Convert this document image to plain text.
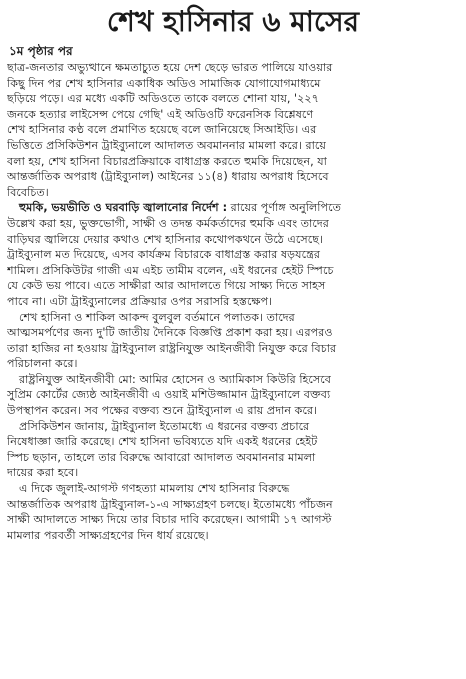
শেখ হাসিনার ৬ মাসের
১ম পৃষ্ঠার পর
ছাত্র-জনতার অভ্যুত্থানে ক্ষমতাচ্যুত হয়ে দেশ ছেড়ে ভারত পালিয়ে যাওয়ার
কিছু দিন পর শেখ হাসিনার একাধিক অডিও সামাজিক যোগাযোগমাধ্যমে
ছড়িয়ে পড়ে। এর মধ্যে একটি অডিওতে তাকে বলতে শোনা যায়, '২২৭
জনকে হত্যার লাইসেন্স পেয়ে গেছি' এই অডিওটি ফরেনসিক বিশ্লেষণে
শেখ হাসিনার কণ্ঠ বলে প্রমাণিত হয়েছে বলে জানিয়েছে সিআইডি। এর
ভিত্তিতে প্রসিকিউশন ট্রাইব্যুনালে আদালত অবমাননার মামলা করে। রায়ে
বলা হয়, শেখ হাসিনা বিচারপ্রক্রিয়াকে বাধাগ্রস্ত করতে হুমকি দিয়েছেন, যা
আন্তর্জাতিক অপরাধ (ট্রাইব্যুনাল) আইনের ১১(৪) ধারায় অপরাধ হিসেবে
বিবেচিত।
হুমকি, ভয়ভীতি ও ঘরবাড়ি জ্বালানোর নির্দেশ : রায়ের পূর্ণাঙ্গ অনুলিপিতে
উল্লেখ করা হয়, ভুক্তভোগী, সাক্ষী ও তদন্ত কর্মকর্তাদের হুমকি এবং তাদের
বাড়িঘর জ্বালিয়ে দেয়ার কথাও শেখ হাসিনার কথোপকথনে উঠে এসেছে।
ট্রাইব্যুনাল মত দিয়েছে, এসব কার্যক্রম বিচারকে বাধাগ্রস্ত করার ষড়যন্ত্রের
শামিল। প্রসিকিউটর গাজী এম এইচ তামীম বলেন, এই ধরনের হেইট স্পিচে
যে কেউ ভয় পাবে। এতে সাক্ষীরা আর আদালতে গিয়ে সাক্ষ্য দিতে সাহস
পাবে না। এটা ট্রাইব্যুনালের প্রক্রিয়ার ওপর সরাসরি হস্তক্ষেপ।
শেখ হাসিনা ও শাকিল আকন্দ বুলবুল বর্তমানে পলাতক। তাদের
আত্মসমর্পণের জন্য দু'টি জাতীয় দৈনিকে বিজ্ঞপ্তি প্রকাশ করা হয়। এরপরও
তারা হাজির না হওয়ায় ট্রাইব্যুনাল রাষ্ট্রনিযুক্ত আইনজীবী নিযুক্ত করে বিচার
পরিচালনা করে।
রাষ্ট্রনিযুক্ত আইনজীবী মো: আমির হোসেন ও অ্যামিকাস কিউরি হিসেবে
সুপ্রিম কোর্টের জ্যেষ্ঠ আইনজীবী এ ওয়াই মশিউজ্জামান ট্রাইব্যুনালে বক্তব্য
উপস্থাপন করেন। সব পক্ষের বক্তব্য শুনে ট্রাইব্যুনাল এ রায় প্রদান করে।
প্রসিকিউশন জানায়, ট্রাইব্যুনাল ইতোমধ্যে এ ধরনের বক্তব্য প্রচারে
নিষেধাজ্ঞা জারি করেছে। শেখ হাসিনা ভবিষ্যতে যদি একই ধরনের হেইট
স্পিচ ছড়ান, তাহলে তার বিরুদ্ধে আবারো আদালত অবমাননার মামলা
দায়ের করা হবে।
এ দিকে জুলাই-আগস্ট গণহত্যা মামলায় শেখ হাসিনার বিরুদ্ধে
আন্তর্জাতিক অপরাধ ট্রাইব্যুনাল-১-এ সাক্ষ্যগ্রহণ চলছে। ইতোমধ্যে পাঁচজন
সাক্ষী আদালতে সাক্ষ্য দিয়ে তার বিচার দাবি করেছেন। আগামী ১৭ আগস্ট
মামলার পরবর্তী সাক্ষ্যগ্রহণের দিন ধার্য রয়েছে।
